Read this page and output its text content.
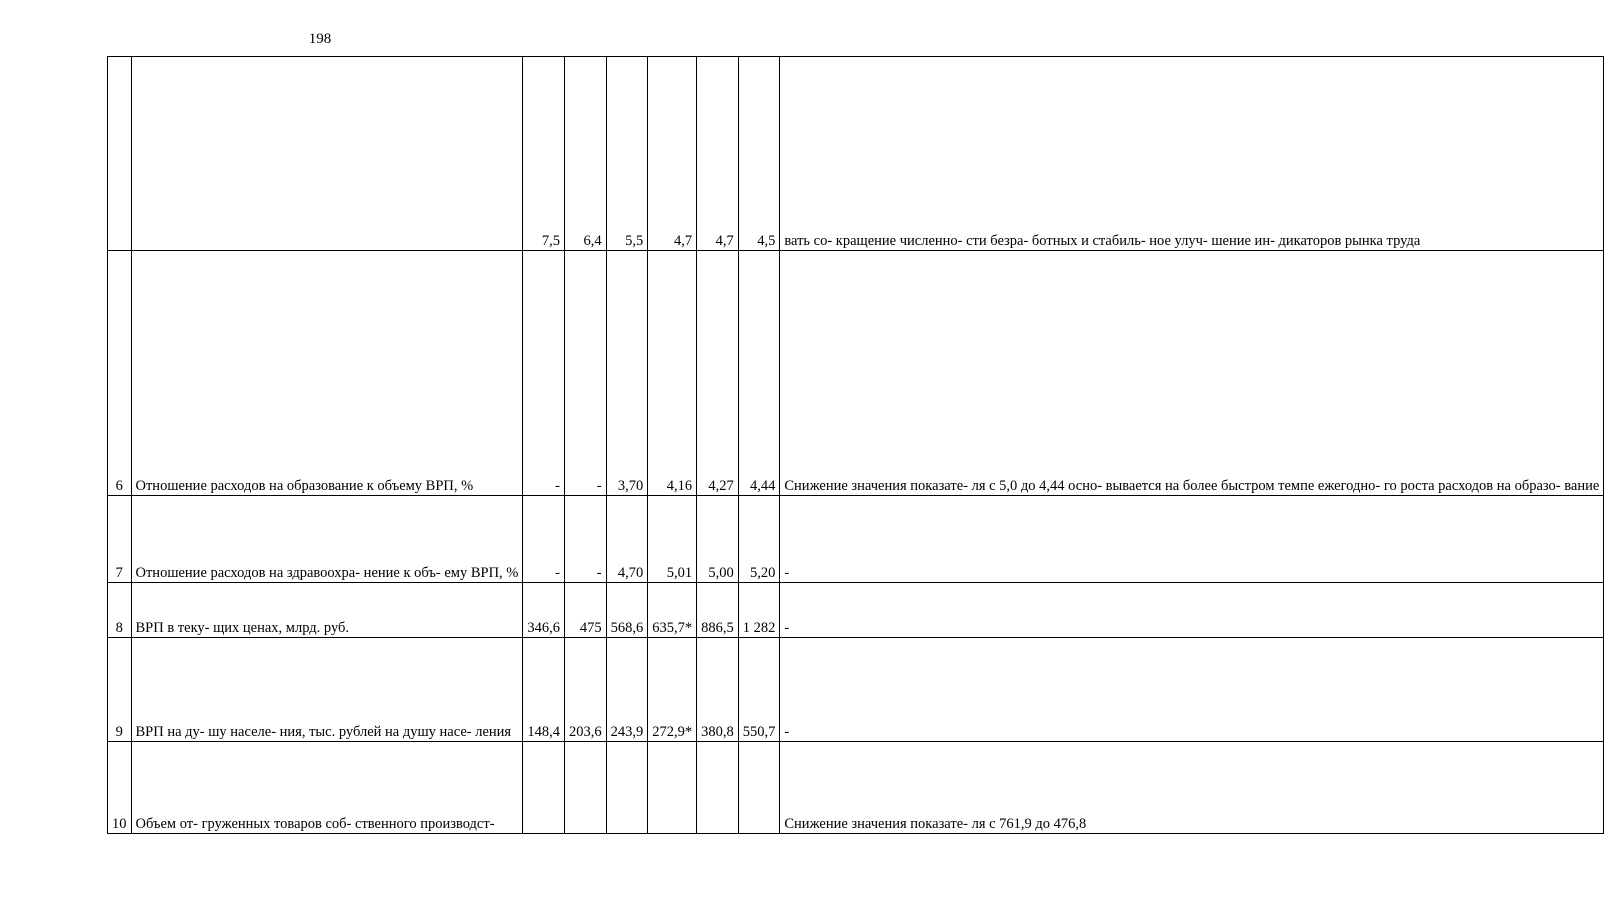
198
		7,5	6,4	5,5	4,7	4,7	4,5	вать со- кращение численно- сти безра- ботных и стабиль- ное улуч- шение ин- дикаторов рынка труда
6	Отношение расходов на образование к объему ВРП, %	-	-	3,70	4,16	4,27	4,44	Снижение значения показате- ля с 5,0 до 4,44 осно- вывается на более быстром темпе ежегодно- го роста расходов на образо- вание
7	Отношение расходов на здравоохра- нение к объ- ему ВРП, %	-	-	4,70	5,01	5,00	5,20	-
8	ВРП в теку- щих ценах, млрд. руб.	346,6	475	568,6	635,7*	886,5	1 282	-
9	ВРП на ду- шу населе- ния, тыс. рублей на душу насе- ления	148,4	203,6	243,9	272,9*	380,8	550,7	-
10	Объем от- груженных товаров соб- ственного производст-							Снижение значения показате- ля с 761,9 до 476,8
